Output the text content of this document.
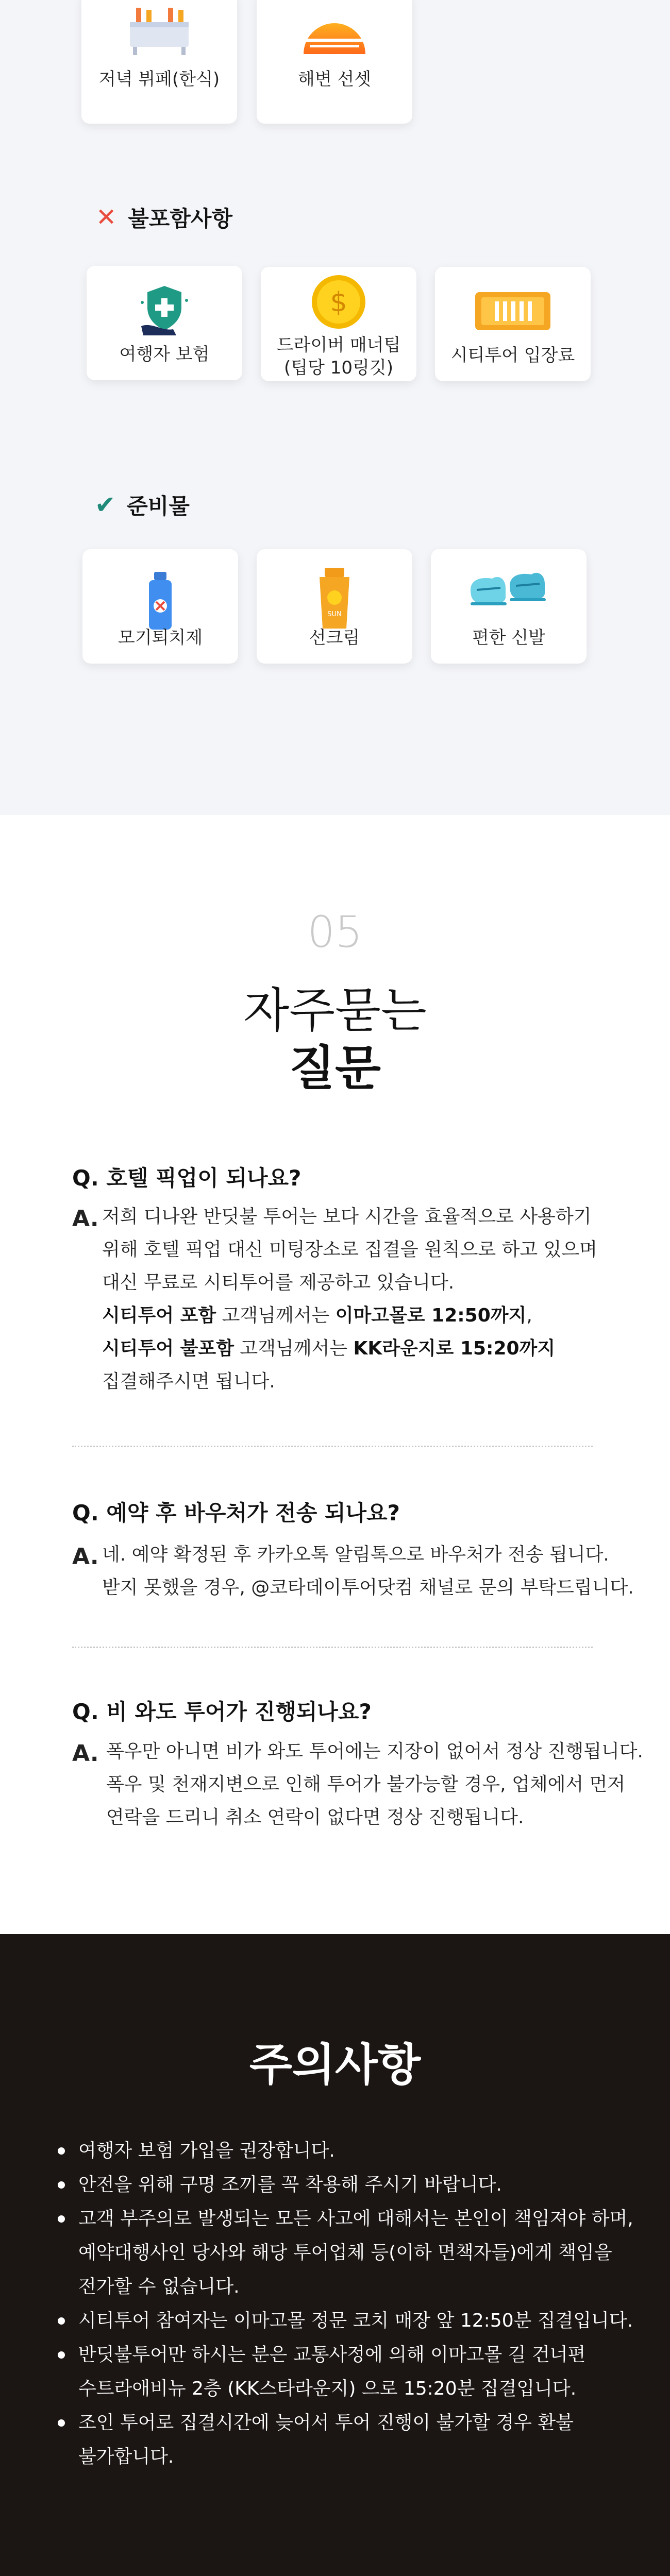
저녁 뷔페(한식)	해변 선셋
✕ 불포함사항
여행자 보험
$
드라이버 매너팁
(팁당 10링깃)
시티투어 입장료
✔ 준비물
모기퇴치제
SUN
선크림	편한 신발
05
자주묻는
질문
Q. 호텔 픽업이 되나요?
A. 저희 디나완 반딧불 투어는 보다 시간을 효율적으로 사용하기
위해 호텔 픽업 대신 미팅장소로 집결을 원칙으로 하고 있으며
대신 무료로 시티투어를 제공하고 있습니다.
시티투어 포함 고객님께서는 이마고몰로 12:50까지,
시티투어 불포함 고객님께서는 KK라운지로 15:20까지
집결해주시면 됩니다.
Q. 예약 후 바우처가 전송 되나요?
A. 네. 예약 확정된 후 카카오톡 알림톡으로 바우처가 전송 됩니다.
받지 못했을 경우, @코타데이투어닷컴 채널로 문의 부탁드립니다.
Q. 비 와도 투어가 진행되나요?
A. 폭우만 아니면 비가 와도 투어에는 지장이 없어서 정상 진행됩니다.
폭우 및 천재지변으로 인해 투어가 불가능할 경우, 업체에서 먼저
연락을 드리니 취소 연락이 없다면 정상 진행됩니다.
주의사항
여행자 보험 가입을 권장합니다.
안전을 위해 구명 조끼를 꼭 착용해 주시기 바랍니다.
고객 부주의로 발생되는 모든 사고에 대해서는 본인이 책임져야 하며,
예약대행사인 당사와 해당 투어업체 등(이하 면책자들)에게 책임을
전가할 수 없습니다.
시티투어 참여자는 이마고몰 정문 코치 매장 앞 12:50분 집결입니다.
반딧불투어만 하시는 분은 교통사정에 의해 이마고몰 길 건너편
수트라애비뉴 2층 (KK스타라운지) 으로 15:20분 집결입니다.
조인 투어로 집결시간에 늦어서 투어 진행이 불가할 경우 환불
불가합니다.
